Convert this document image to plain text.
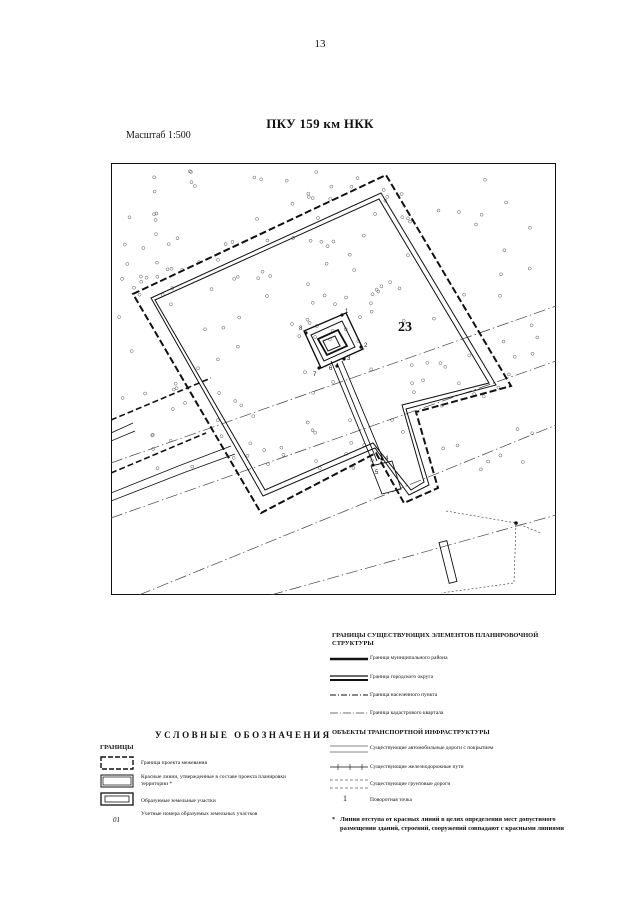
13
ПКУ 159 км НКК
Масштаб 1:500
1
2
3
4
5
6
7
8	23
УСЛОВНЫЕ ОБОЗНАЧЕНИЯ
ГРАНИЦЫ
Граница проекта межевания
Красные линии, утвержденные в составе проекта планировки территории *
Образуемые земельные участки
01
Учетные номера образуемых земельных участков
ГРАНИЦЫ СУЩЕСТВУЮЩИХ ЭЛЕМЕНТОВ ПЛАНИРОВОЧНОЙ СТРУКТУРЫ
Граница муниципального района
Граница городского округа
Граница населенного пункта
Граница кадастрового квартала
ОБЪЕКТЫ ТРАНСПОРТНОЙ ИНФРАСТРУКТУРЫ
Существующие автомобильные дороги с покрытием
Существующие железнодорожные пути
Существующие грунтовые дороги
1	Поворотная точка
* Линии отступа от красных линий в целях определения мест допустимого размещения зданий, строений, сооружений совпадают с красными линиями
